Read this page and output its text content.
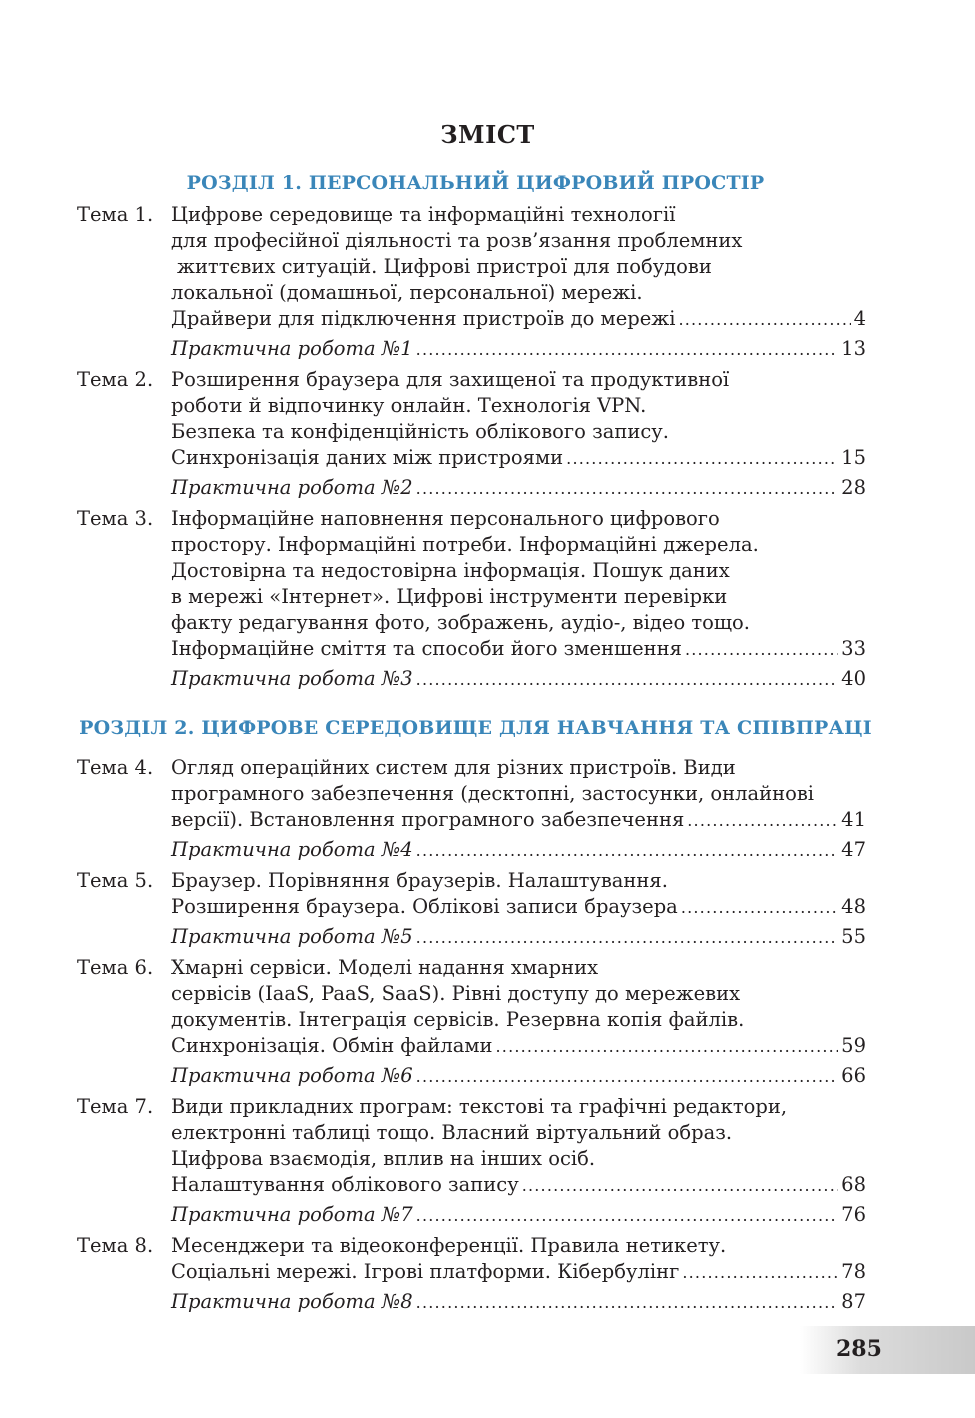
ЗМІСТ
РОЗДІЛ 1. ПЕРСОНАЛЬНИЙ ЦИФРОВИЙ ПРОСТІР
Тема 1. Цифрове середовище та інформаційні технології
для професійної діяльності та розв’язання проблемних
життєвих ситуацій. Цифрові пристрої для побудови
локальної (домашньої, персональної) мережі.
Драйвери для підключення пристроїв до мережі .....	4
Практична робота №1 .....	13
Тема 2. Розширення браузера для захищеної та продуктивної
роботи й відпочинку онлайн. Технологія VPN.
Безпека та конфіденційність облікового запису.
Синхронізація даних між пристроями .....	15
Практична робота №2 .....	28
Тема 3. Інформаційне наповнення персонального цифрового
простору. Інформаційні потреби. Інформаційні джерела.
Достовірна та недостовірна інформація. Пошук даних
в мережі «Інтернет». Цифрові інструменти перевірки
факту редагування фото, зображень, аудіо-, відео тощо.
Інформаційне сміття та способи його зменшення .....	33
Практична робота №3 .....	40
РОЗДІЛ 2. ЦИФРОВЕ СЕРЕДОВИЩЕ ДЛЯ НАВЧАННЯ ТА СПІВПРАЦІ
Тема 4. Огляд операційних систем для різних пристроїв. Види
програмного забезпечення (десктопні, застосунки, онлайнові
версії). Встановлення програмного забезпечення .....	41
Практична робота №4 .....	47
Тема 5. Браузер. Порівняння браузерів. Налаштування.
Розширення браузера. Облікові записи браузера .....	48
Практична робота №5 .....	55
Тема 6. Хмарні сервіси. Моделі надання хмарних
сервісів (IaaS, PaaS, SaaS). Рівні доступу до мережевих
документів. Інтеграція сервісів. Резервна копія файлів.
Синхронізація. Обмін файлами .....	59
Практична робота №6 .....	66
Тема 7. Види прикладних програм: текстові та графічні редактори,
електронні таблиці тощо. Власний віртуальний образ.
Цифрова взаємодія, вплив на інших осіб.
Налаштування облікового запису .....	68
Практична робота №7 .....	76
Тема 8. Месенджери та відеоконференції. Правила нетикету.
Соціальні мережі. Ігрові платформи. Кібербулінг .....	78
Практична робота №8 .....	87
285
